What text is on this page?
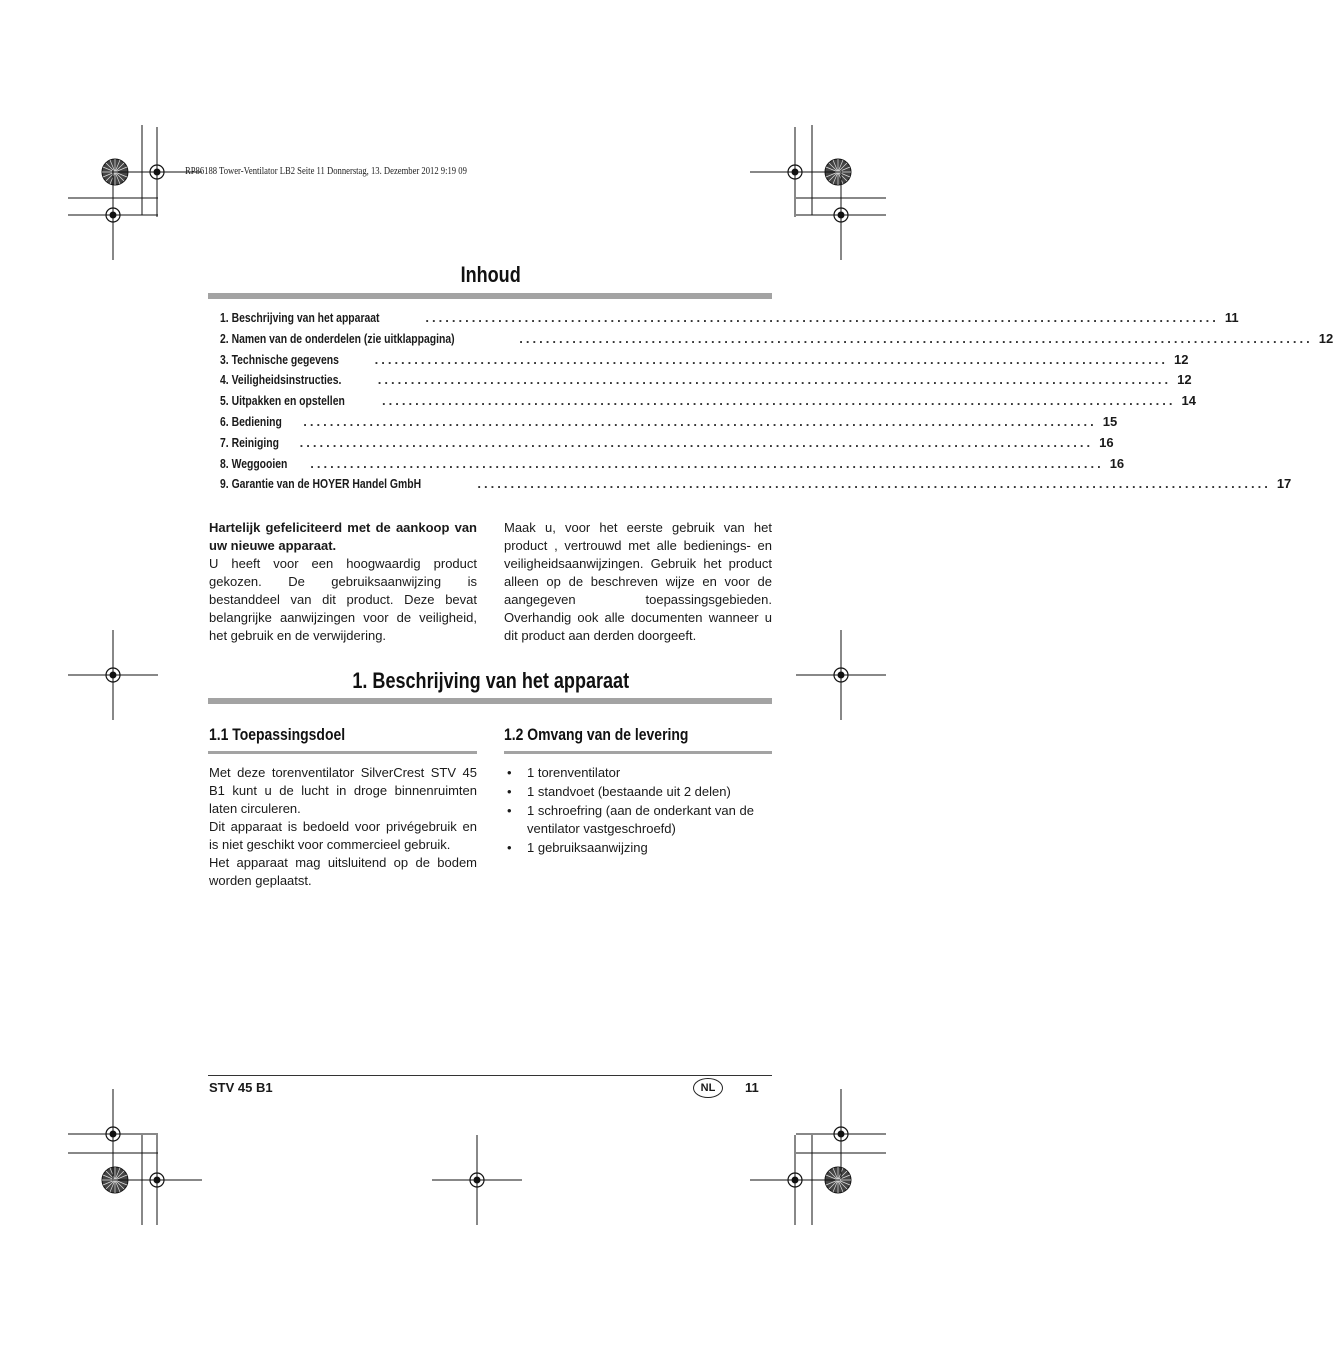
RP86188 Tower-Ventilator LB2 Seite 11 Donnerstag, 13. Dezember 2012 9:19 09
Inhoud
1. Beschrijving van het apparaat	........................................................................................................................ 11
2. Namen van de onderdelen (zie uitklappagina)	........................................................................................................................ 12
3. Technische gegevens	........................................................................................................................ 12
4. Veiligheidsinstructies.	........................................................................................................................ 12
5. Uitpakken en opstellen	........................................................................................................................ 14
6. Bediening	........................................................................................................................ 15
7. Reiniging	........................................................................................................................ 16
8. Weggooien	........................................................................................................................ 16
9. Garantie van de HOYER Handel GmbH	........................................................................................................................ 17

Hartelijk gefeliciteerd met de aankoop van uw nieuwe apparaat.

U heeft voor een hoogwaardig product gekozen. De gebruiksaanwijzing is bestanddeel van dit product. Deze bevat belangrijke aanwijzingen voor de veiligheid, het gebruik en de verwijdering.

Maak u, voor het eerste gebruik van het product , vertrouwd met alle bedienings- en veiligheidsaanwijzingen. Gebruik het product alleen op de beschreven wijze en voor de aangegeven toepassingsgebieden. Overhandig ook alle documenten wanneer u dit product aan derden doorgeeft.

1. Beschrijving van het apparaat
1.1 Toepassingsdoel	1.2 Omvang van de levering

Met deze torenventilator SilverCrest STV 45 B1 kunt u de lucht in droge binnenruimten laten circuleren.

Dit apparaat is bedoeld voor privégebruik en is niet geschikt voor commercieel gebruik.

Het apparaat mag uitsluitend op de bodem worden geplaatst.

• 1 torenventilator
• 1 standvoet (bestaande uit 2 delen)
• 1 schroefring (aan de onderkant van de ventilator vastgeschroefd)
• 1 gebruiksaanwijzing
STV 45 B1	NL	11
